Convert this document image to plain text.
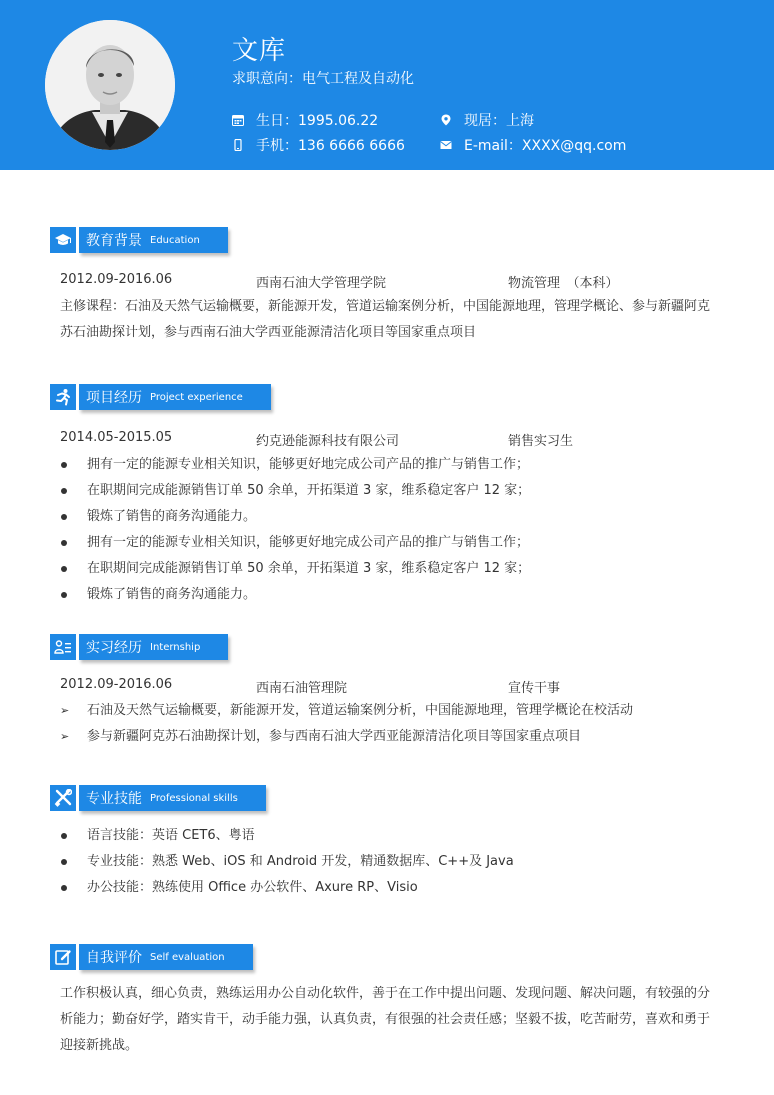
文库
求职意向：电气工程及自动化
生日：1995.06.22	现居：上海
手机：136 6666 6666	E-mail：XXXX@qq.com
教育背景 Education
2012.09-2016.06	西南石油大学管理学院	物流管理　（本科）
主修课程：石油及天然气运输概要，新能源开发，管道运输案例分析，中国能源地理，管理学概论、参与新疆阿克苏石油勘探计划，参与西南石油大学西亚能源清洁化项目等国家重点项目
项目经历 Project experience
2014.05-2015.05	约克逊能源科技有限公司	销售实习生
拥有一定的能源专业相关知识，能够更好地完成公司产品的推广与销售工作；
在职期间完成能源销售订单 50 余单，开拓渠道 3 家，维系稳定客户 12 家；
锻炼了销售的商务沟通能力。
拥有一定的能源专业相关知识，能够更好地完成公司产品的推广与销售工作；
在职期间完成能源销售订单 50 余单，开拓渠道 3 家，维系稳定客户 12 家；
锻炼了销售的商务沟通能力。
实习经历 Internship
2012.09-2016.06	西南石油管理院	宣传干事
➢ 石油及天然气运输概要，新能源开发，管道运输案例分析，中国能源地理，管理学概论在校活动
➢ 参与新疆阿克苏石油勘探计划，参与西南石油大学西亚能源清洁化项目等国家重点项目
专业技能 Professional skills
语言技能：英语 CET6、粤语
专业技能：熟悉 Web、iOS 和 Android 开发，精通数据库、C++及 Java
办公技能：熟练使用 Office 办公软件、Axure RP、Visio
自我评价 Self evaluation
工作积极认真，细心负责，熟练运用办公自动化软件，善于在工作中提出问题、发现问题、解决问题，有较强的分析能力；勤奋好学，踏实肯干，动手能力强，认真负责，有很强的社会责任感；坚毅不拔，吃苦耐劳，喜欢和勇于迎接新挑战。
